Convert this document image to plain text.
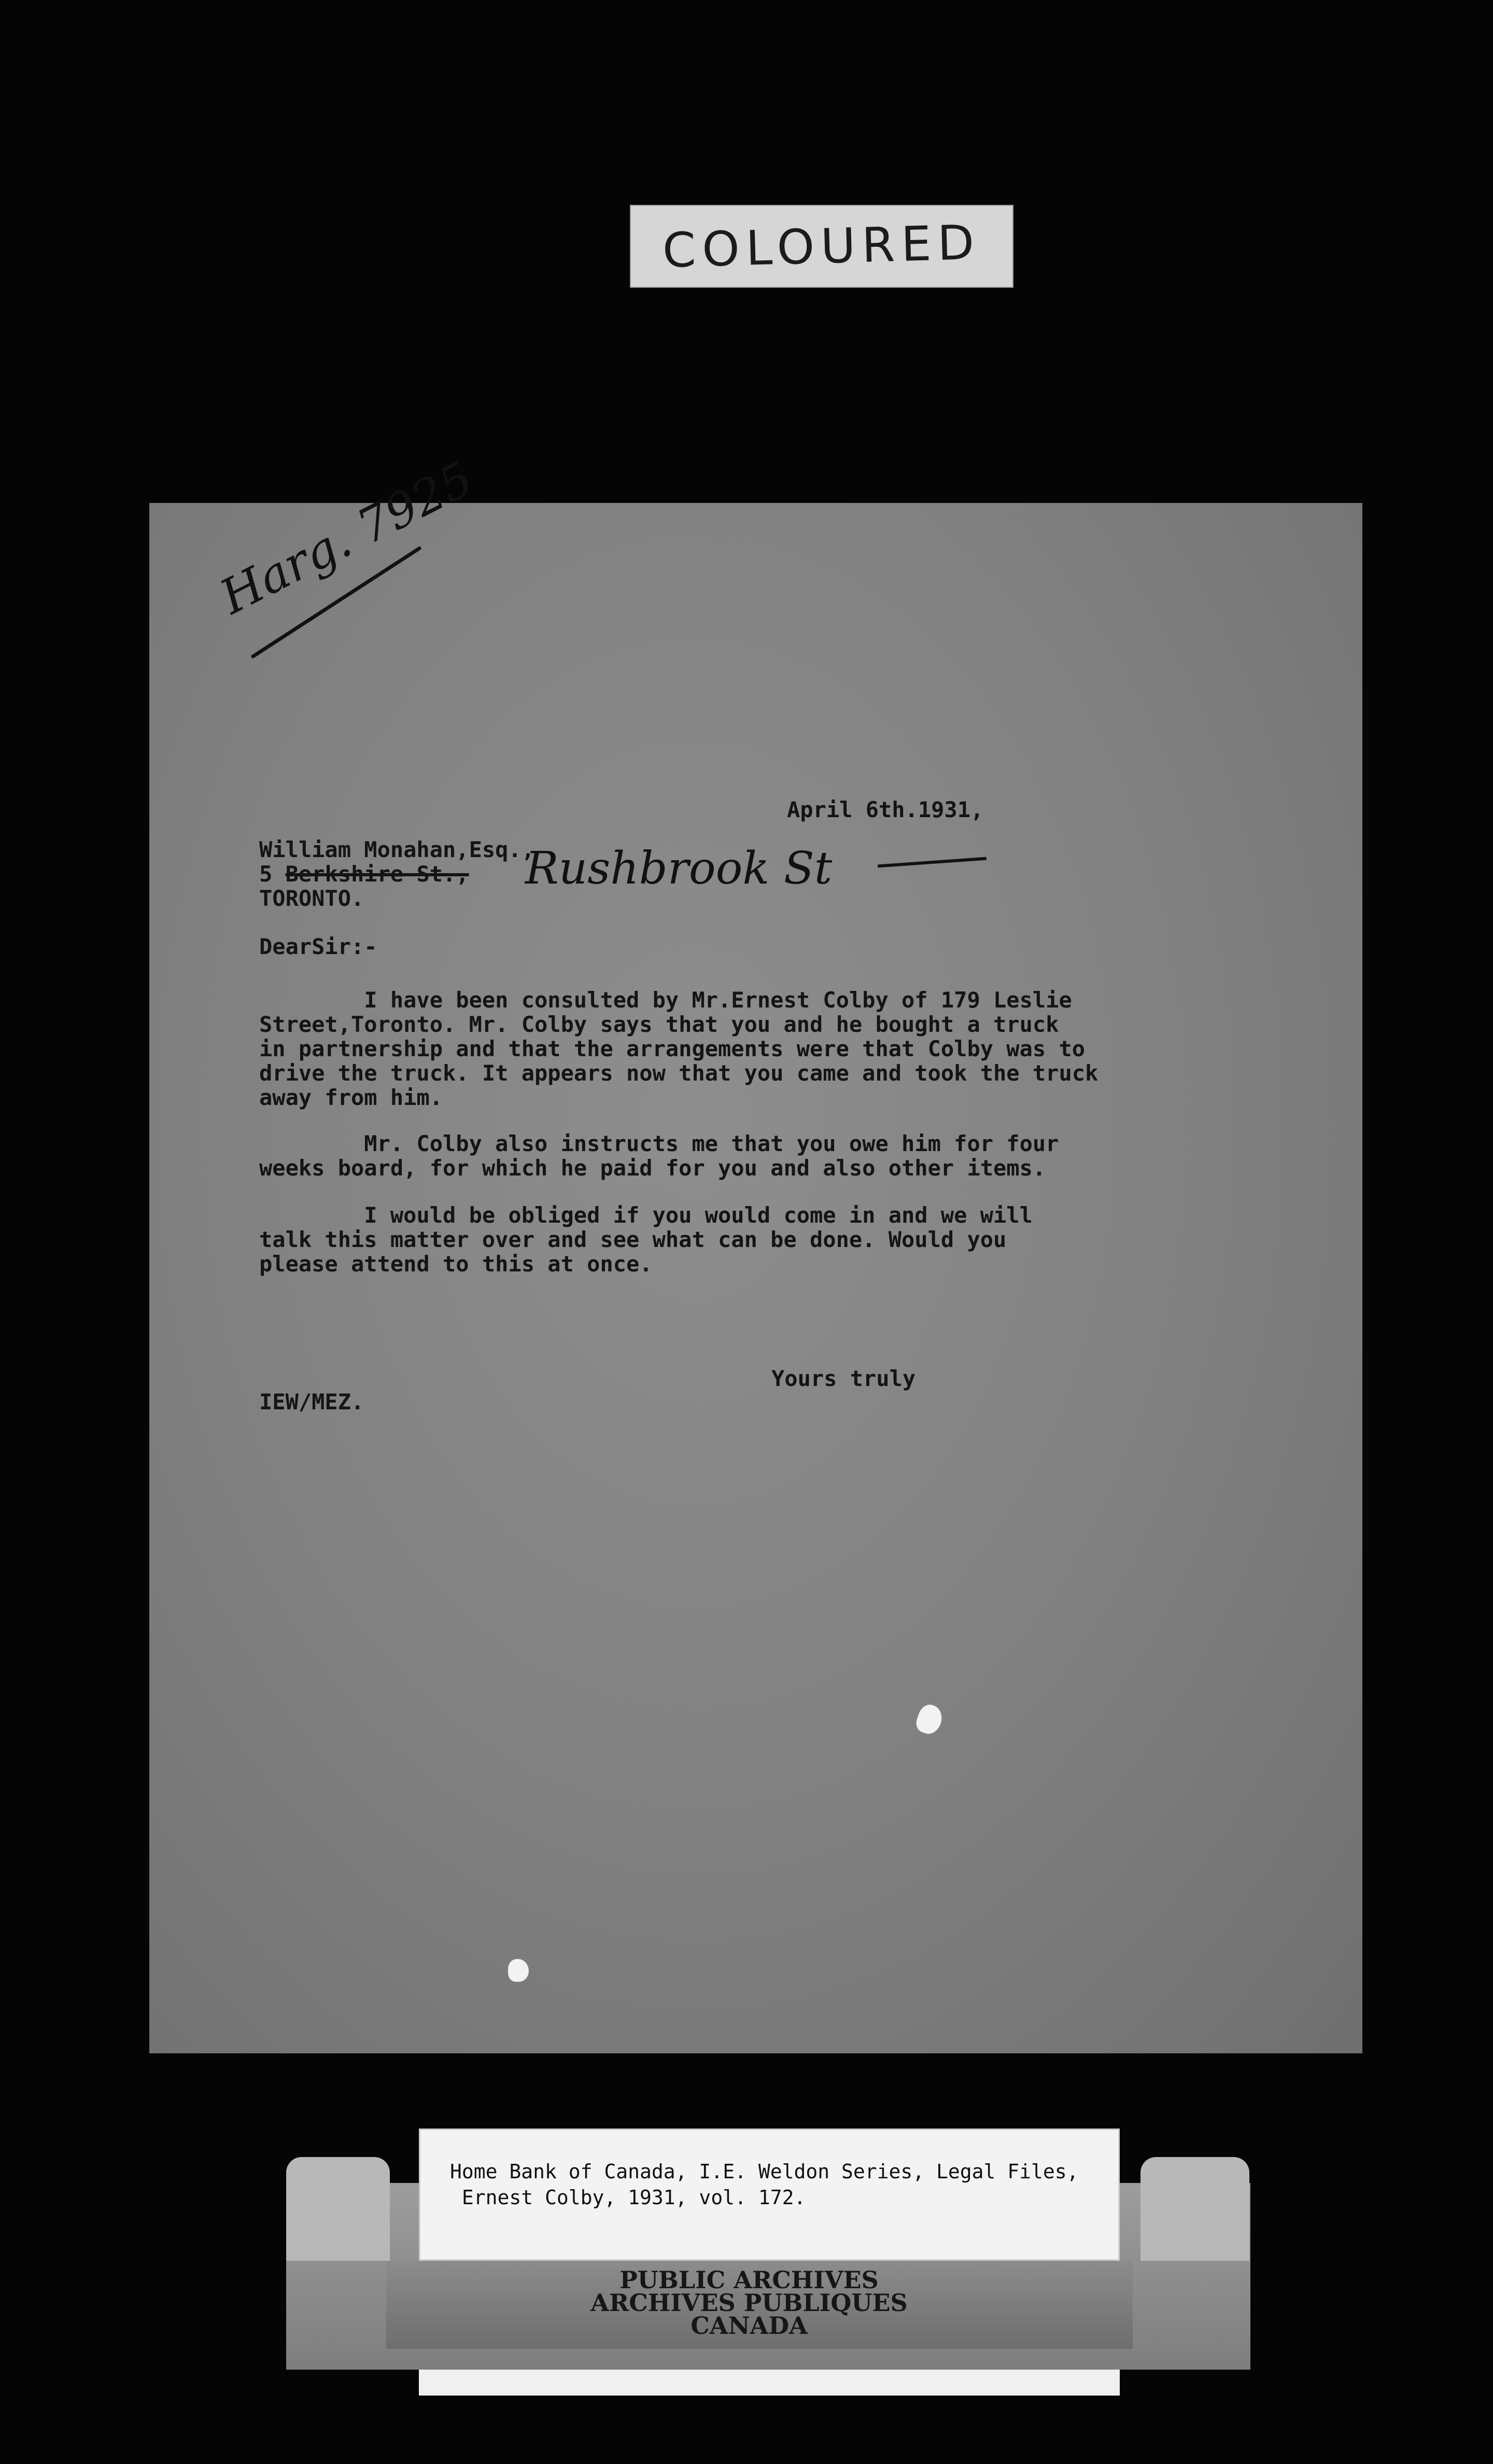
COLOURED
Harg. 7925
April 6th.1931,
William Monahan,Esq.,
5 Berkshire St., Rushbrook St
TORONTO.
DearSir:-
I have been consulted by Mr.Ernest Colby of 179 Leslie
Street,Toronto. Mr. Colby says that you and he bought a truck
in partnership and that the arrangements were that Colby was to
drive the truck. It appears now that you came and took the truck
away from him.
Mr. Colby also instructs me that you owe him for four
weeks board, for which he paid for you and also other items.
I would be obliged if you would come in and we will
talk this matter over and see what can be done. Would you
please attend to this at once.
Yours truly
IEW/MEZ.
Home Bank of Canada, I.E. Weldon Series, Legal Files,
Ernest Colby, 1931, vol. 172.
PUBLIC ARCHIVES
ARCHIVES PUBLIQUES
CANADA
